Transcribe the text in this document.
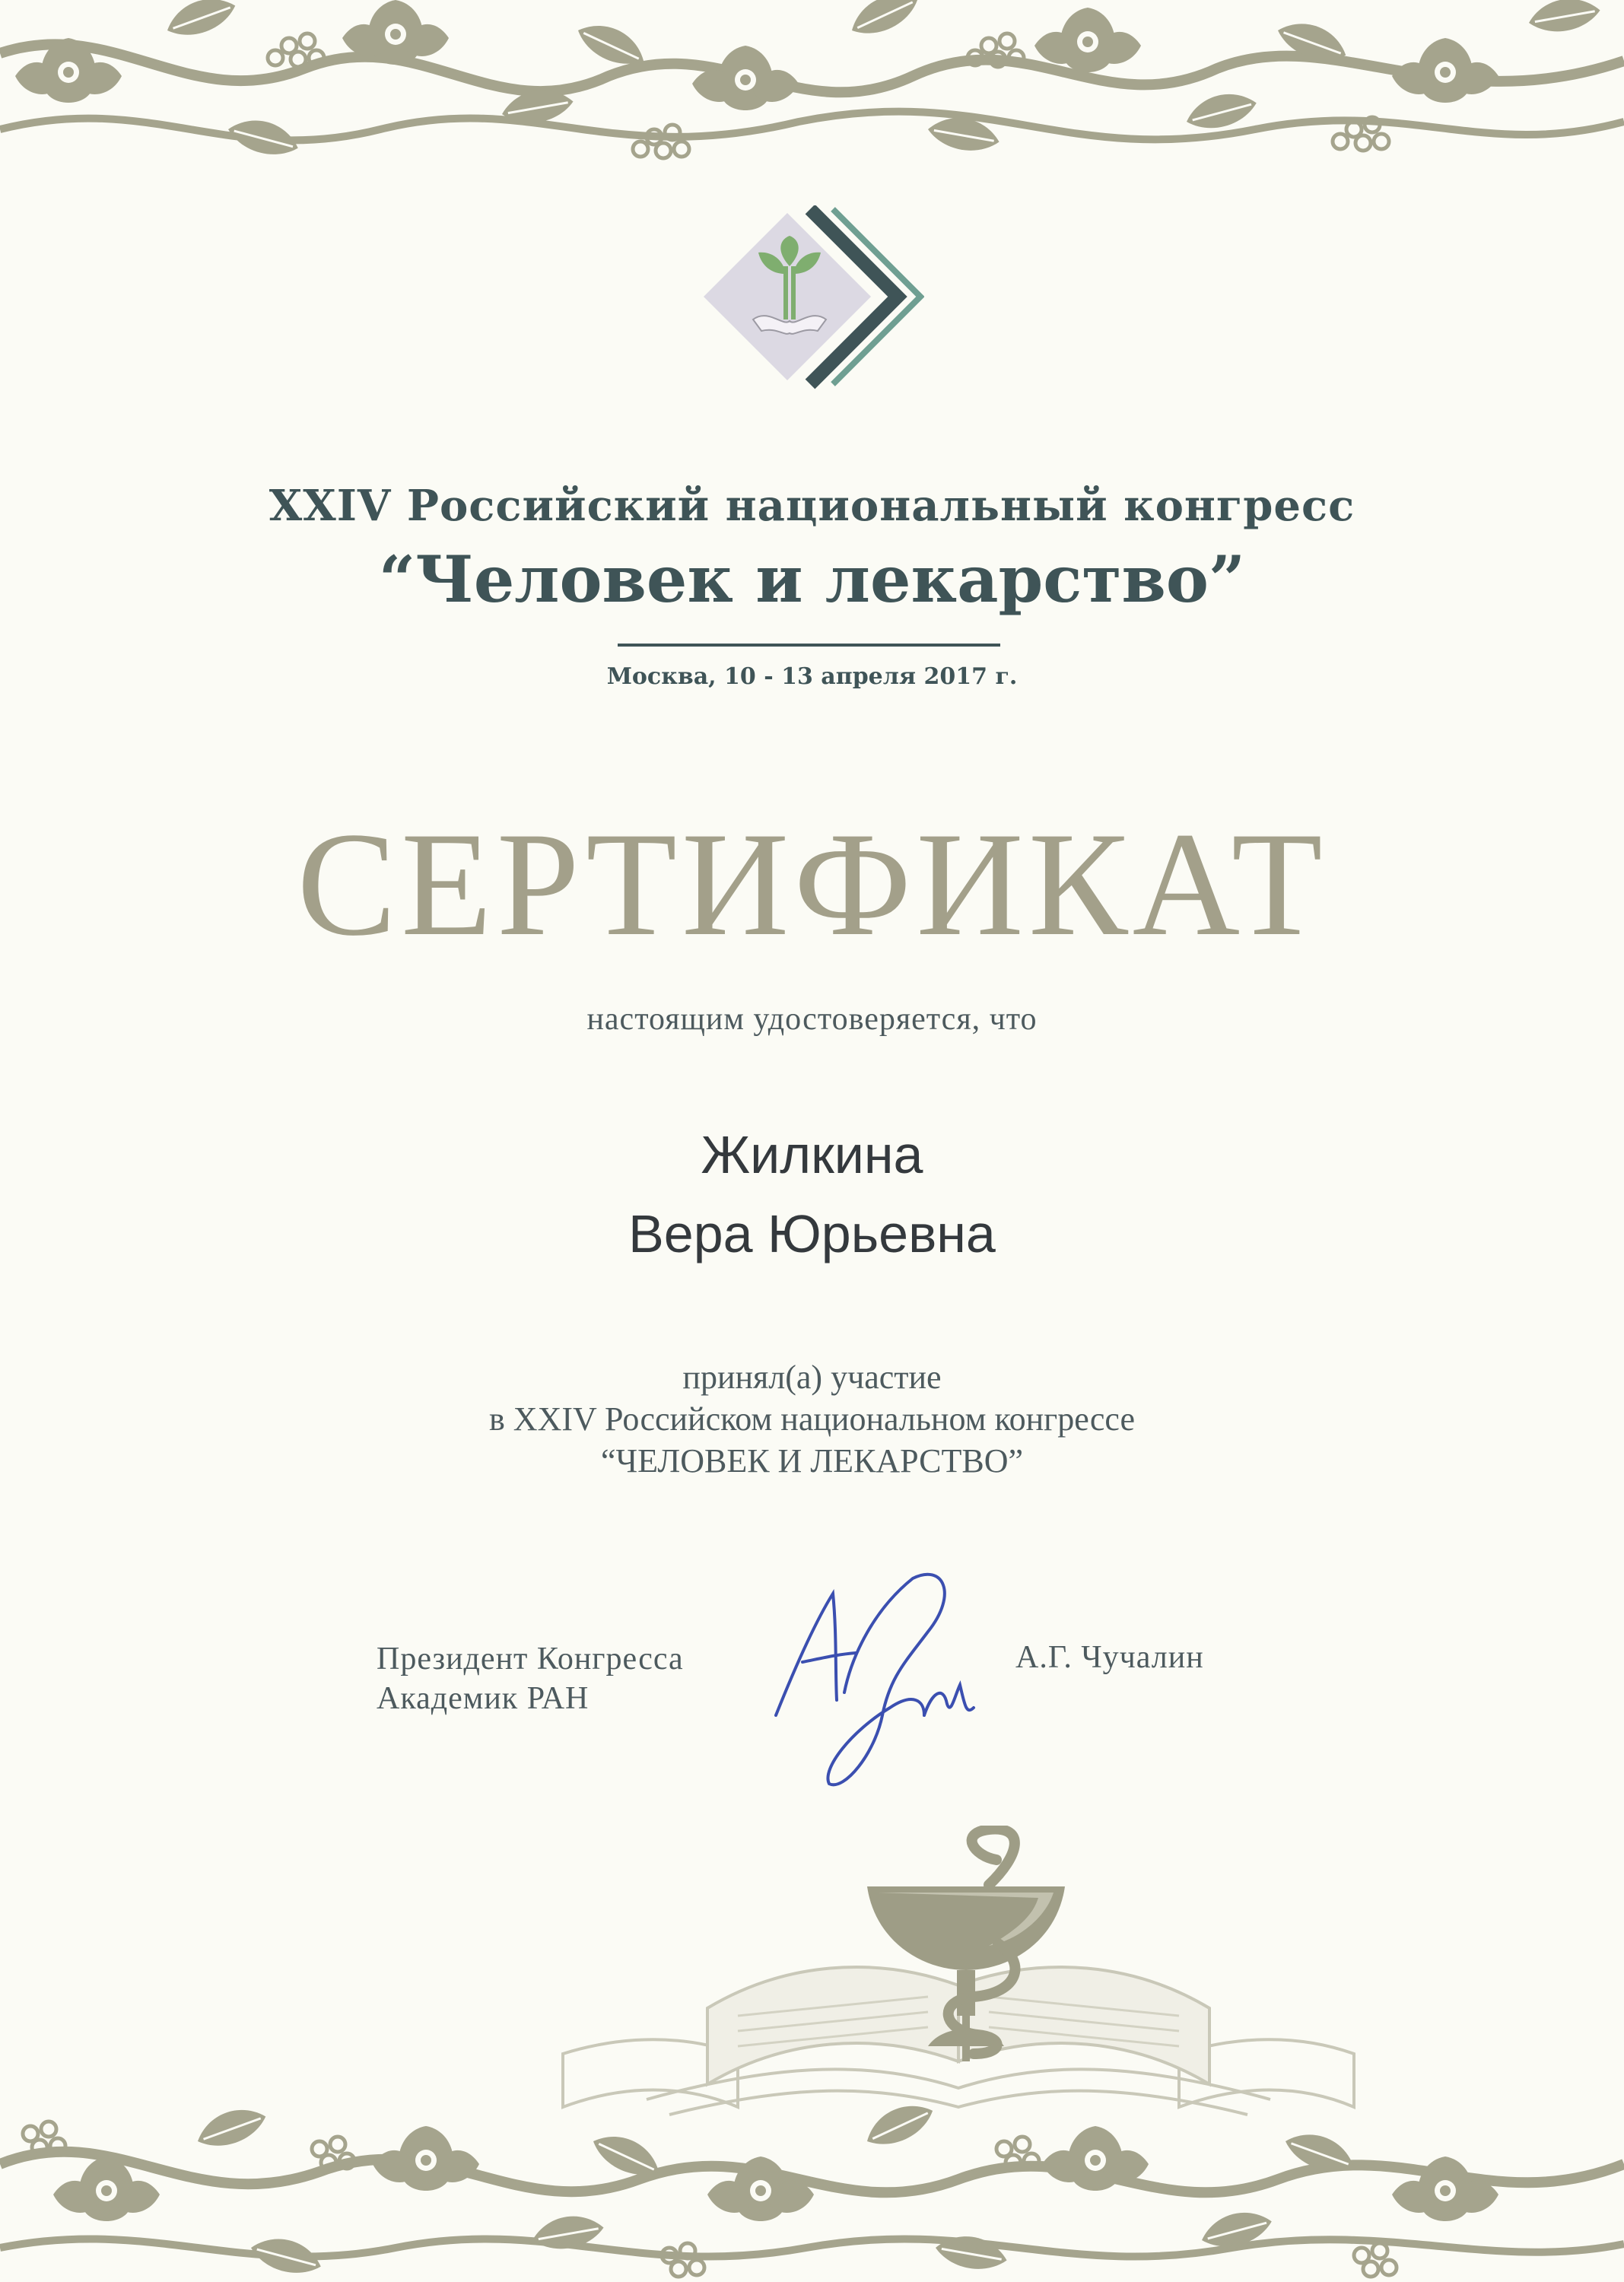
XXIV Российский национальный конгресс
“Человек и лекарство”
Москва, 10 - 13 апреля 2017 г.
СЕРТИФИКАТ
настоящим удостоверяется, что
Жилкина
Вера Юрьевна
принял(а) участие
в XXIV Российском национальном конгрессе
“ЧЕЛОВЕК И ЛЕКАРСТВО”
Президент Конгресса
Академик РАН
А.Г. Чучалин
